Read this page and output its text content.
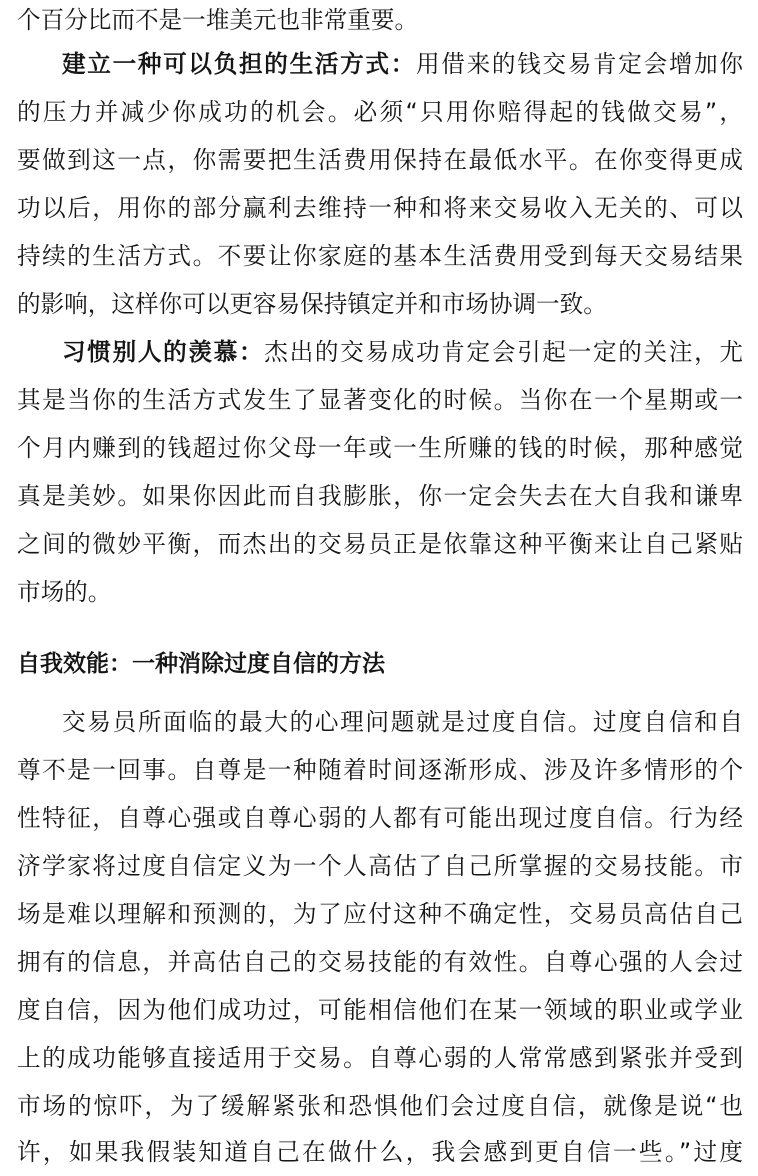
个百分比而不是一堆美元也非常重要。
建立一种可以负担的生活方式：用借来的钱交易肯定会增加你
的压力并减少你成功的机会。必须“只用你赔得起的钱做交易”，
要做到这一点，你需要把生活费用保持在最低水平。在你变得更成
功以后，用你的部分赢利去维持一种和将来交易收入无关的、可以
持续的生活方式。不要让你家庭的基本生活费用受到每天交易结果
的影响，这样你可以更容易保持镇定并和市场协调一致。
习惯别人的羡慕：杰出的交易成功肯定会引起一定的关注，尤
其是当你的生活方式发生了显著变化的时候。当你在一个星期或一
个月内赚到的钱超过你父母一年或一生所赚的钱的时候，那种感觉
真是美妙。如果你因此而自我膨胀，你一定会失去在大自我和谦卑
之间的微妙平衡，而杰出的交易员正是依靠这种平衡来让自己紧贴
市场的。
自我效能：一种消除过度自信的方法
交易员所面临的最大的心理问题就是过度自信。过度自信和自
尊不是一回事。自尊是一种随着时间逐渐形成、涉及许多情形的个
性特征，自尊心强或自尊心弱的人都有可能出现过度自信。行为经
济学家将过度自信定义为一个人高估了自己所掌握的交易技能。市
场是难以理解和预测的，为了应付这种不确定性，交易员高估自己
拥有的信息，并高估自己的交易技能的有效性。自尊心强的人会过
度自信，因为他们成功过，可能相信他们在某一领域的职业或学业
上的成功能够直接适用于交易。自尊心弱的人常常感到紧张并受到
市场的惊吓，为了缓解紧张和恐惧他们会过度自信，就像是说“也
许，如果我假装知道自己在做什么，我会感到更自信一些。”过度
